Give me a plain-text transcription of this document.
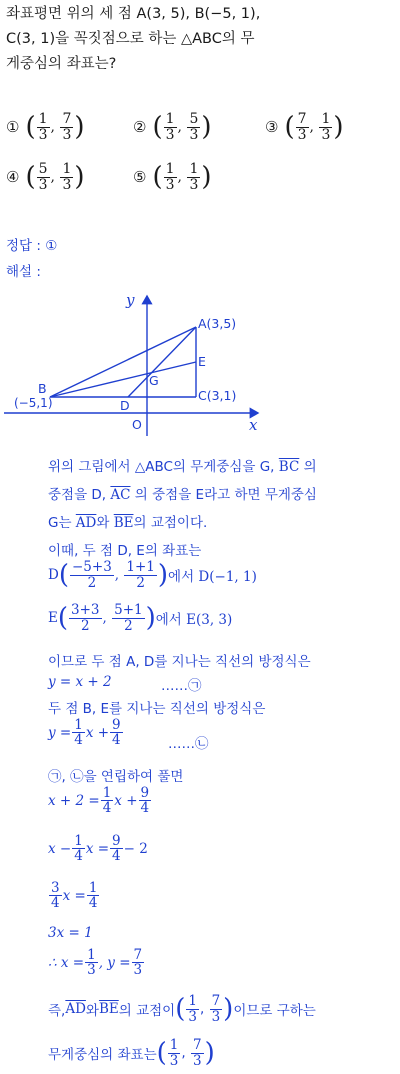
좌표평면 위의 세 점 A(3, 5), B(−5, 1),
C(3, 1)을 꼭짓점으로 하는 △ABC의 무
게중심의 좌표는?
① ( $\frac{1}{3}$ , $\frac{7}{3}$ )	② ( $\frac{1}{3}$ , $\frac{5}{3}$ )	③ ( $\frac{7}{3}$ , $\frac{1}{3}$ )
④ ( $\frac{5}{3}$ , $\frac{1}{3}$ )	⑤ ( $\frac{1}{3}$ , $\frac{1}{3}$ )
정답 : ①
해설 :
y
x
O
A(3,5)
B
(−5,1)	C(3,1)
D
E
G
위의 그림에서 △ABC의 무게중심을 G, $\overline{BC}$ 의
중점을 D, $\overline{AC}$ 의 중점을 E라고 하면 무게중심
G는 $\overline{AD}$와 $\overline{BE}$의 교점이다.
이때, 두 점 D, E의 좌표는
D ( $\frac{-5+3}{2}$ , $\frac{1+1}{2}$ ) 에서 D(−1, 1)
E ( $\frac{3+3}{2}$ , $\frac{5+1}{2}$ ) 에서 E(3, 3)
이므로 두 점 A, D를 지나는 직선의 방정식은
y = x + 2	……㉠
두 점 B, E를 지나는 직선의 방정식은
$y = \frac{1}{4}$ $x + \frac{9}{4}$	……㉡
㉠, ㉡을 연립하여 풀면
$x + 2 = \frac{1}{4}$ $x + \frac{9}{4}$
$x - \frac{1}{4}$ $x = \frac{9}{4} - 2$
$\frac{3}{4}$ $x = \frac{1}{4}$
3x = 1
∴ $x = \frac{1}{3}$ , $y = \frac{7}{3}$
즉, $\overline{AD}$ 와 $\overline{BE}$ 의 교점이 ( $\frac{1}{3}$ , $\frac{7}{3}$ ) 이므로 구하는
무게중심의 좌표는 ( $\frac{1}{3}$ , $\frac{7}{3}$ )
